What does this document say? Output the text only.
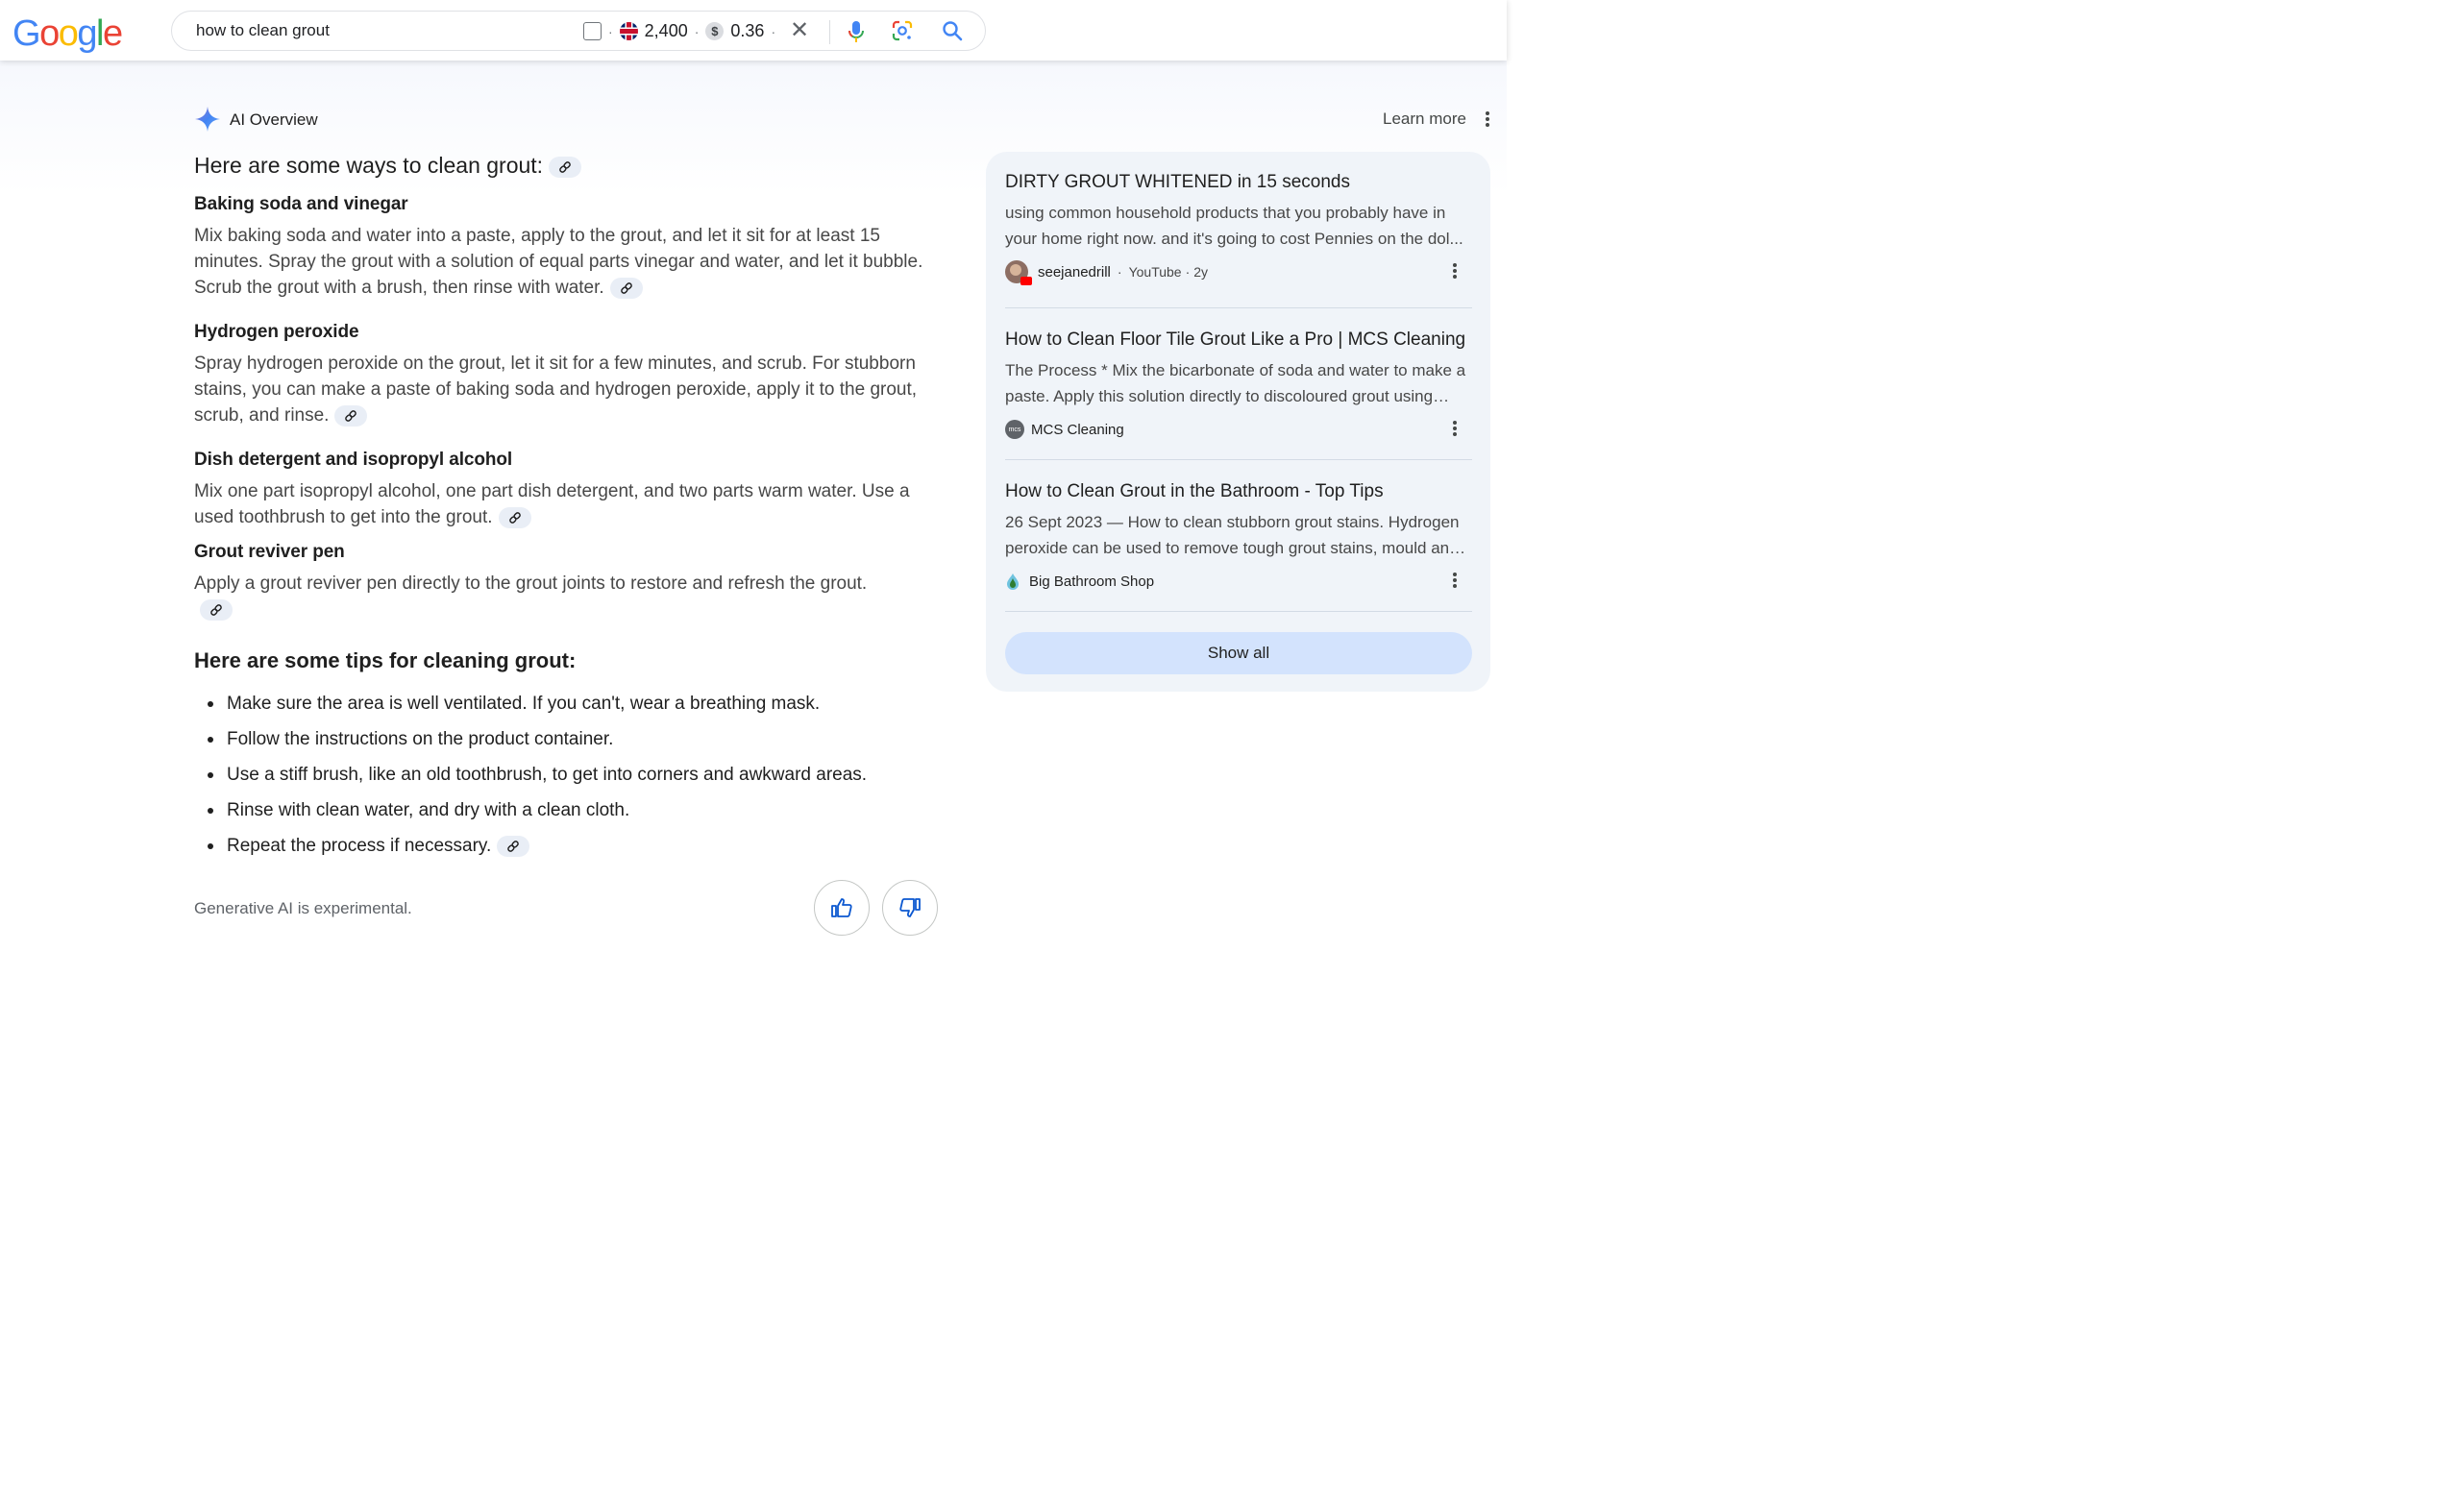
Google	how to clean grout	· 2,400 · $ 0.36 · ✕
AI Overview	Learn more
Here are some ways to clean grout:
Baking soda and vinegar
Mix baking soda and water into a paste, apply to the grout, and let it sit for at least 15 minutes. Spray the grout with a solution of equal parts vinegar and water, and let it bubble. Scrub the grout with a brush, then rinse with water.
Hydrogen peroxide
Spray hydrogen peroxide on the grout, let it sit for a few minutes, and scrub. For stubborn stains, you can make a paste of baking soda and hydrogen peroxide, apply it to the grout, scrub, and rinse.
Dish detergent and isopropyl alcohol
Mix one part isopropyl alcohol, one part dish detergent, and two parts warm water. Use a used toothbrush to get into the grout.
Grout reviver pen
Apply a grout reviver pen directly to the grout joints to restore and refresh the grout.
Here are some tips for cleaning grout:
Make sure the area is well ventilated. If you can't, wear a breathing mask.
Follow the instructions on the product container.
Use a stiff brush, like an old toothbrush, to get into corners and awkward areas.
Rinse with clean water, and dry with a clean cloth.
Repeat the process if necessary.
Generative AI is experimental.
DIRTY GROUT WHITENED in 15 seconds
using common household products that you probably have in your home right now. and it's going to cost Pennies on the dol...
seejanedrill · YouTube · 2y
How to Clean Floor Tile Grout Like a Pro | MCS Cleaning
The Process * Mix the bicarbonate of soda and water to make a paste. Apply this solution directly to discoloured grout using…
mcs MCS Cleaning
How to Clean Grout in the Bathroom - Top Tips
26 Sept 2023 — How to clean stubborn grout stains. Hydrogen peroxide can be used to remove tough grout stains, mould an…
Big Bathroom Shop
Show all
